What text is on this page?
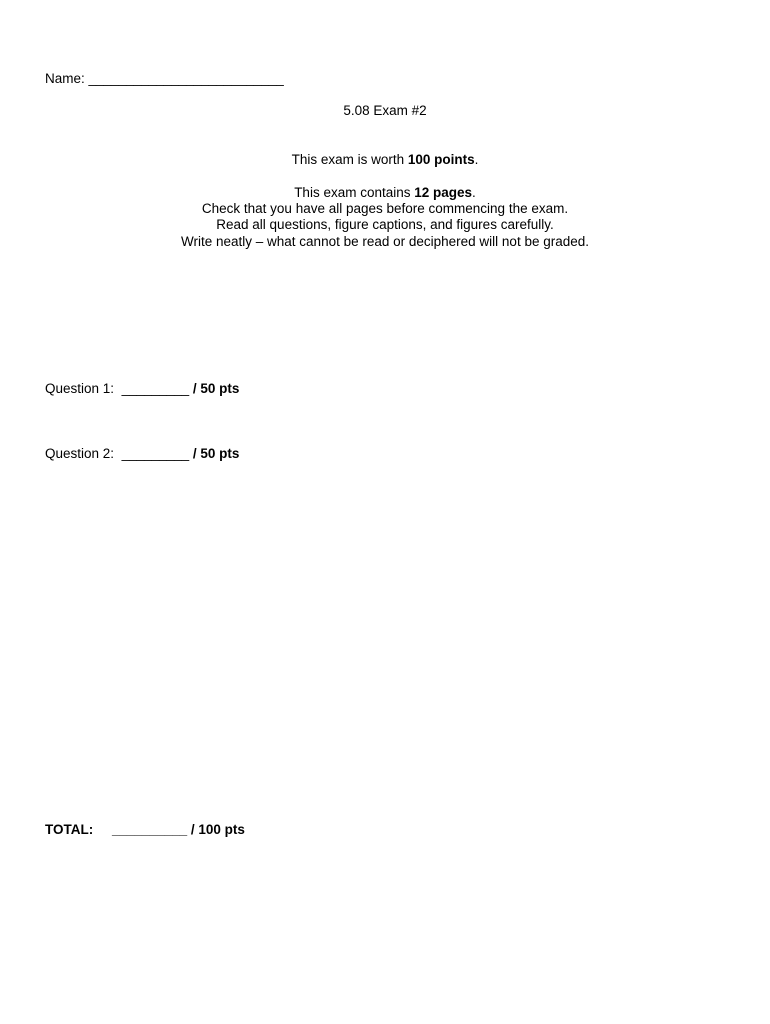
Name: __________________________
5.08 Exam #2
This exam is worth 100 points.
This exam contains 12 pages.
Check that you have all pages before commencing the exam.
Read all questions, figure captions, and figures carefully.
Write neatly – what cannot be read or deciphered will not be graded.
Question 1: _________ / 50 pts
Question 2: _________ / 50 pts
TOTAL: __________ / 100 pts
